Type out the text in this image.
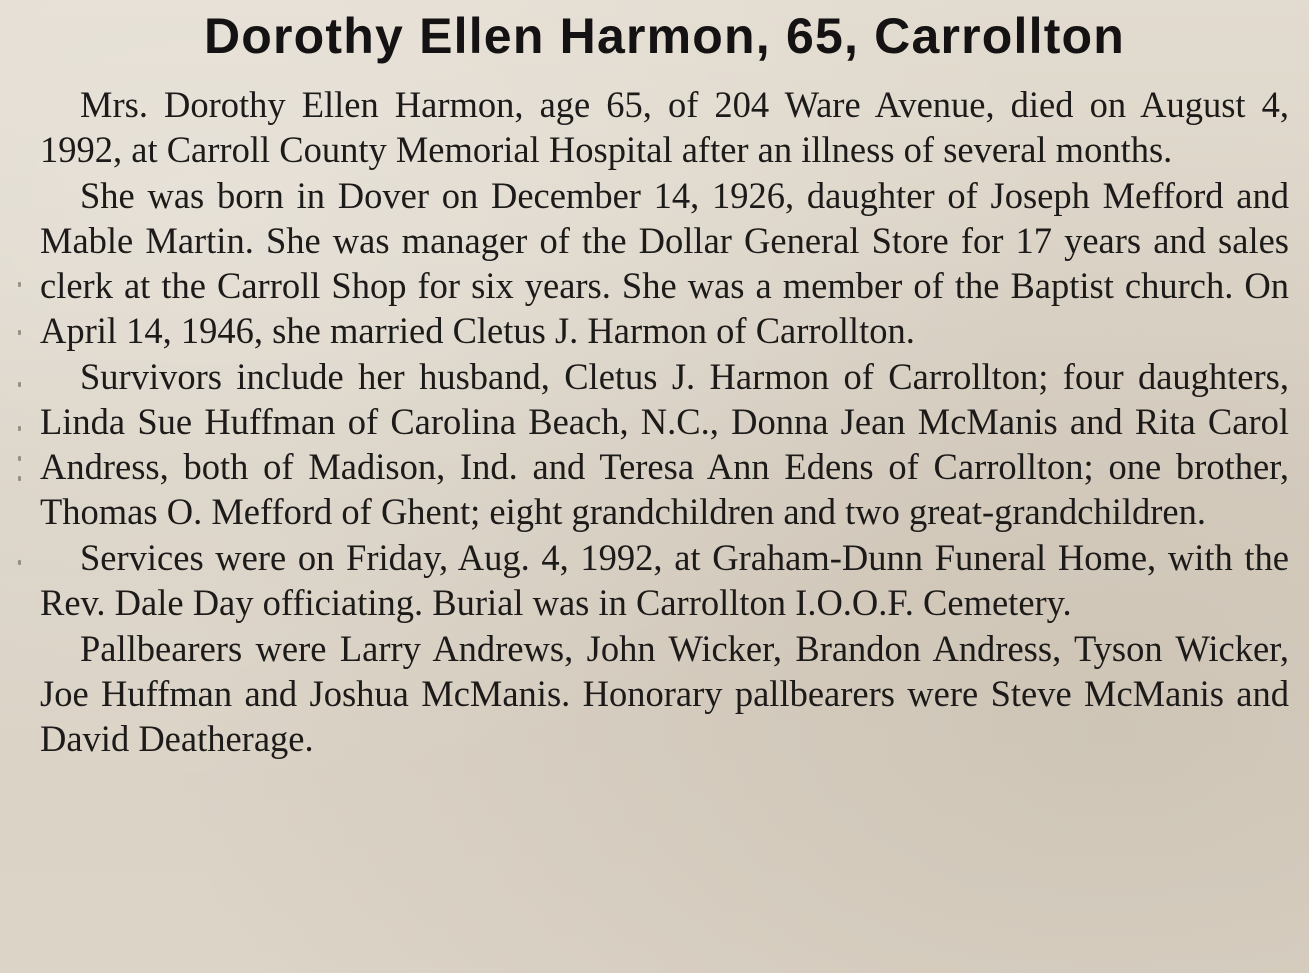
Dorothy Ellen Harmon, 65, Carrollton

Mrs. Dorothy Ellen Harmon, age 65, of 204 Ware Avenue, died on August 4, 1992, at Carroll County Memorial Hospital after an illness of several months.

She was born in Dover on December 14, 1926, daughter of Joseph Mefford and Mable Martin. She was manager of the Dollar General Store for 17 years and sales clerk at the Carroll Shop for six years. She was a member of the Baptist church. On April 14, 1946, she married Cletus J. Harmon of Carrollton.

Survivors include her husband, Cletus J. Harmon of Carrollton; four daughters, Linda Sue Huffman of Carolina Beach, N.C., Donna Jean McManis and Rita Carol Andress, both of Madison, Ind. and Teresa Ann Edens of Carrollton; one brother, Thomas O. Mefford of Ghent; eight grandchildren and two great-grandchildren.

Services were on Friday, Aug. 4, 1992, at Graham-Dunn Funeral Home, with the Rev. Dale Day officiating. Burial was in Carrollton I.O.O.F. Cemetery.

Pallbearers were Larry Andrews, John Wicker, Brandon Andress, Tyson Wicker, Joe Huffman and Joshua McManis. Honorary pallbearers were Steve McManis and David Deatherage.
